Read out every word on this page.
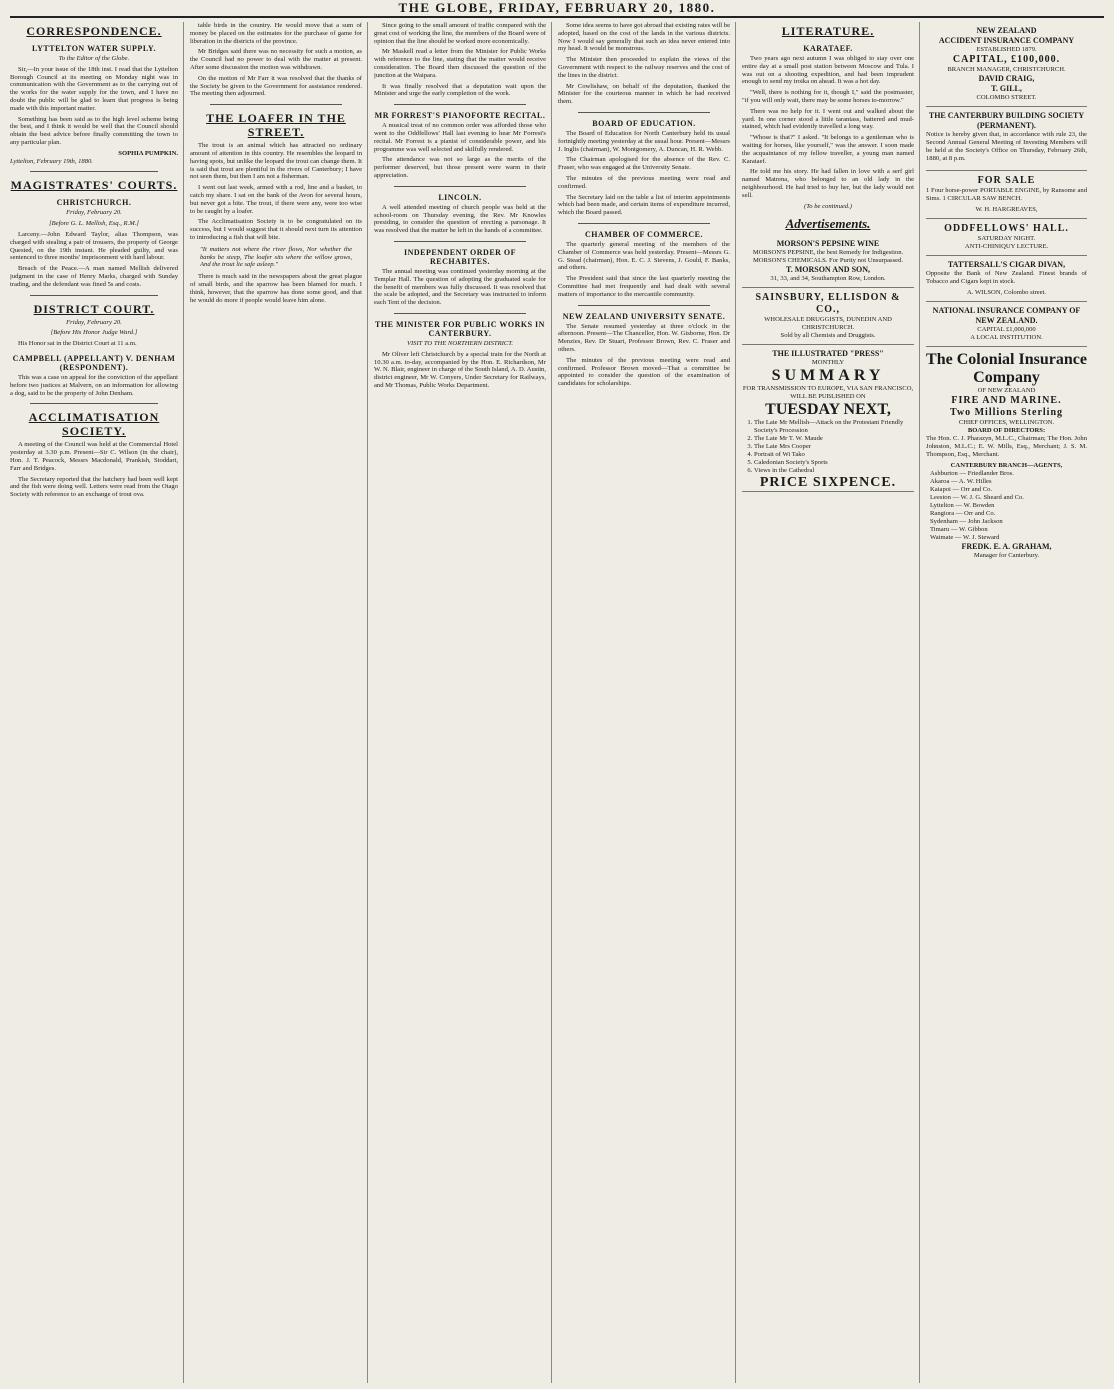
THE GLOBE, FRIDAY, FEBRUARY 20, 1880.
CORRESPONDENCE.
LYTTELTON WATER SUPPLY.
To the Editor of the Globe.

Sir,—In your issue of the 18th inst. I read that the Lyttelton Borough Council at its meeting on Monday night was in communication with the Government as to the carrying out of the works for the water supply for the town, and I have no doubt the public will be glad to learn that progress is being made with this important matter.

Something has been said as to the high level scheme being the best, and I think it would be well that the Council should obtain the best advice before finally committing the town to any particular plan.

SOPHIA PUMPKIN.
Lyttelton, February 19th, 1880.
MAGISTRATES' COURTS.
CHRISTCHURCH.
Friday, February 20.
[Before G. L. Mellish, Esq., R.M.]

Larceny.—John Edward Taylor, alias Thompson, was charged with stealing a pair of trousers, the property of George Quested, on the 19th instant. He pleaded guilty, and was sentenced to three months' imprisonment with hard labour.

Breach of the Peace.—A man named Mellish delivered judgment in the case of Henry Marks, charged with Sunday trading, and the defendant was fined 5s and costs.

DISTRICT COURT.
Friday, February 20.
[Before His Honor Judge Ward.]

His Honor sat in the District Court at 11 a.m.

CAMPBELL (APPELLANT) V. DENHAM (RESPONDENT).

This was a case on appeal for the conviction of the appellant before two justices at Malvern, on an information for allowing a dog, said to be the property of John Denham.

ACCLIMATISATION SOCIETY.

A meeting of the Council was held at the Commercial Hotel yesterday at 3.30 p.m. Present—Sir C. Wilson (in the chair), Hon. J. T. Peacock, Messrs Macdonald, Prankish, Stoddart, Farr and Bridges.

The Secretary reported that the hatchery had been well kept and the fish were doing well. Letters were read from the Otago Society with reference to an exchange of trout ova.

table birds in the country. He would move that a sum of money be placed on the estimates for the purchase of game for liberation in the districts of the province.

Mr Bridges said there was no necessity for such a motion, as the Council had no power to deal with the matter at present. After some discussion the motion was withdrawn.

On the motion of Mr Farr it was resolved that the thanks of the Society be given to the Government for assistance rendered. The meeting then adjourned.

THE LOAFER IN THE STREET.

The trout is an animal which has attracted no ordinary amount of attention in this country. He resembles the leopard in having spots, but unlike the leopard the trout can change them. It is said that trout are plentiful in the rivers of Canterbury; I have not seen them, but then I am not a fisherman.

I went out last week, armed with a rod, line and a basket, to catch my share. I sat on the bank of the Avon for several hours, but never got a bite. The trout, if there were any, were too wise to be caught by a loafer.

The Acclimatisation Society is to be congratulated on its success, but I would suggest that it should next turn its attention to introducing a fish that will bite.

"It matters not where the river flows, Nor whether the banks be steep, The loafer sits where the willow grows, And the trout lie safe asleep."

There is much said in the newspapers about the great plague of small birds, and the sparrow has been blamed for much. I think, however, that the sparrow has done some good, and that he would do more if people would leave him alone.

Since going to the small amount of traffic compared with the great cost of working the line, the members of the Board were of opinion that the line should be worked more economically.

Mr Maskell read a letter from the Minister for Public Works with reference to the line, stating that the matter would receive consideration. The Board then discussed the question of the junction at the Waipara.

It was finally resolved that a deputation wait upon the Minister and urge the early completion of the work.

MR FORREST'S PIANOFORTE RECITAL.

A musical treat of no common order was afforded those who went to the Oddfellows' Hall last evening to hear Mr Forrest's recital. Mr Forrest is a pianist of considerable power, and his programme was well selected and skilfully rendered.

The attendance was not so large as the merits of the performer deserved, but those present were warm in their appreciation.

LINCOLN.

A well attended meeting of church people was held at the school-room on Thursday evening, the Rev. Mr Knowles presiding, to consider the question of erecting a parsonage. It was resolved that the matter be left in the hands of a committee.

INDEPENDENT ORDER OF RECHABITES.

The annual meeting was continued yesterday morning at the Templar Hall. The question of adopting the graduated scale for the benefit of members was fully discussed. It was resolved that the scale be adopted, and the Secretary was instructed to inform each Tent of the decision.

THE MINISTER FOR PUBLIC WORKS IN CANTERBURY.
VISIT TO THE NORTHERN DISTRICT.

Mr Oliver left Christchurch by a special train for the North at 10.30 a.m. to-day, accompanied by the Hon. E. Richardson, Mr W. N. Blair, engineer in charge of the South Island, A. D. Austin, district engineer, Mr W. Conyers, Under Secretary for Railways, and Mr Thomas, Public Works Department.

Some idea seems to have got abroad that existing rates will be adopted, based on the cost of the lands in the various districts. Now I would say generally that such an idea never entered into my head. It would be monstrous.

The Minister then proceeded to explain the views of the Government with respect to the railway reserves and the cost of the lines in the district.

Mr Cowlishaw, on behalf of the deputation, thanked the Minister for the courteous manner in which he had received them.

BOARD OF EDUCATION.

The Board of Education for North Canterbury held its usual fortnightly meeting yesterday at the usual hour. Present—Messrs J. Inglis (chairman), W. Montgomery, A. Duncan, H. R. Webb.

The Chairman apologised for the absence of the Rev. C. Fraser, who was engaged at the University Senate.

The minutes of the previous meeting were read and confirmed.

The Secretary laid on the table a list of interim appointments which had been made, and certain items of expenditure incurred, which the Board passed.

CHAMBER OF COMMERCE.

The quarterly general meeting of the members of the Chamber of Commerce was held yesterday. Present—Messrs G. G. Stead (chairman), Hon. E. C. J. Stevens, J. Gould, F. Banks, and others.

The President said that since the last quarterly meeting the Committee had met frequently and had dealt with several matters of importance to the mercantile community.

NEW ZEALAND UNIVERSITY SENATE.

The Senate resumed yesterday at three o'clock in the afternoon. Present—The Chancellor, Hon. W. Gisborne, Hon. Dr Menzies, Rev. Dr Stuart, Professor Brown, Rev. C. Fraser and others.

The minutes of the previous meeting were read and confirmed. Professor Brown moved—That a committee be appointed to consider the question of the examination of candidates for scholarships.

LITERATURE.
KARATAEF.

Two years ago next autumn I was obliged to stay over one entire day at a small post station between Moscow and Tula. I was out on a shooting expedition, and had been imprudent enough to send my troika on ahead. It was a hot day.

"Well, there is nothing for it, though I," said the postmaster, "if you will only wait, there may be some horses to-morrow."

There was no help for it. I went out and walked about the yard. In one corner stood a little tarantass, battered and mud-stained, which had evidently travelled a long way.

"Whose is that?" I asked. "It belongs to a gentleman who is waiting for horses, like yourself," was the answer. I soon made the acquaintance of my fellow traveller, a young man named Karataef.

He told me his story. He had fallen in love with a serf girl named Matrena, who belonged to an old lady in the neighbourhood. He had tried to buy her, but the lady would not sell.

(To be continued.)
Advertisements.
MORSON'S PEPSINE WINE
MORSON'S PEPSINE, the best Remedy for Indigestion. MORSON'S CHEMICALS. For Purity not Unsurpassed.
T. MORSON AND SON,
31, 33, and 34, Southampton Row, London.
SAINSBURY, ELLISDON & CO.,
WHOLESALE DRUGGISTS, DUNEDIN AND CHRISTCHURCH.
Sold by all Chemists and Druggists.
THE ILLUSTRATED "PRESS"
MONTHLY
SUMMARY
FOR TRANSMISSION TO EUROPE, VIA SAN FRANCISCO, WILL BE PUBLISHED ON
TUESDAY NEXT,
1. The Late Mr Mellish—Attack on the Protestant Friendly Society's Procession
2. The Late Mr T. W. Maude
3. The Late Mrs Cooper
4. Portrait of Wi Tako
5. Caledonian Society's Sports
6. Views in the Cathedral
PRICE SIXPENCE.
NEW ZEALAND
ACCIDENT INSURANCE COMPANY
ESTABLISHED 1879.
CAPITAL, £100,000.
BRANCH MANAGER, CHRISTCHURCH.
DAVID CRAIG,
T. GILL,
COLOMBO STREET.
THE CANTERBURY BUILDING SOCIETY (PERMANENT).

Notice is hereby given that, in accordance with rule 23, the Second Annual General Meeting of Investing Members will be held at the Society's Office on Thursday, February 26th, 1880, at 8 p.m.

FOR SALE

1 Four horse-power PORTABLE ENGINE, by Ransome and Sims. 1 CIRCULAR SAW BENCH.

W. H. HARGREAVES,
ODDFELLOWS' HALL.
SATURDAY NIGHT.
ANTI-CHINIQUY LECTURE.
TATTERSALL'S CIGAR DIVAN,

Opposite the Bank of New Zealand. Finest brands of Tobacco and Cigars kept in stock.

A. WILSON, Colombo street.
NATIONAL INSURANCE COMPANY OF NEW ZEALAND.
CAPITAL £1,000,000
A LOCAL INSTITUTION.
The Colonial Insurance Company
OF NEW ZEALAND
FIRE AND MARINE.
Two Millions Sterling
CHIEF OFFICES, WELLINGTON.
BOARD OF DIRECTORS:

The Hon. C. J. Pharazyn, M.L.C., Chairman; The Hon. John Johnston, M.L.C.; E. W. Mills, Esq., Merchant; J. S. M. Thompson, Esq., Merchant.

CANTERBURY BRANCH—AGENTS,
Ashburton — Friedlander Bros.
Akaroa — A. W. Hilles
Kaiapoi — Orr and Co.
Leeston — W. J. G. Sheard and Co.
Lyttelton — W. Bowden
Rangiora — Orr and Co.
Sydenham — John Jackson
Timaru — W. Gibbon
Waimate — W. J. Steward
FREDK. E. A. GRAHAM,
Manager for Canterbury.
